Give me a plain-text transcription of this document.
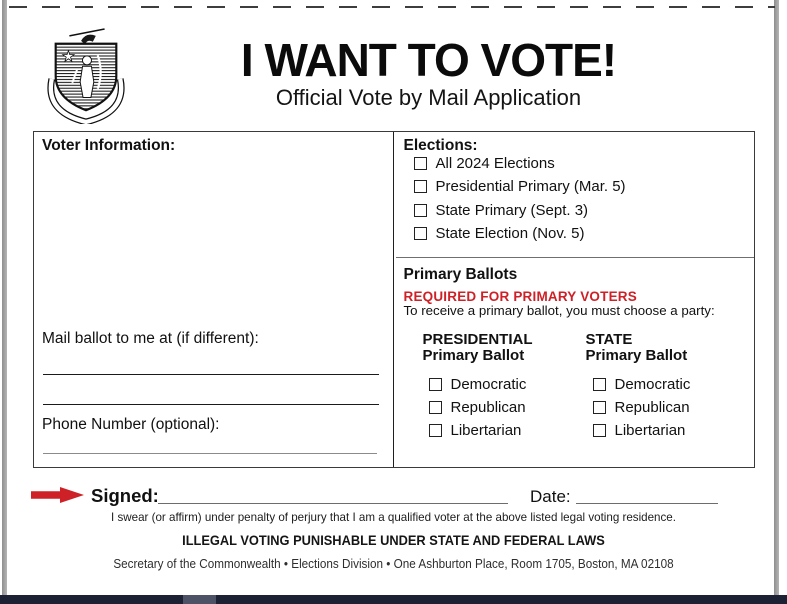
I WANT TO VOTE!
Official Vote by Mail Application
Voter Information:
Mail ballot to me at (if different):
Phone Number (optional):
Elections:
All 2024 Elections
Presidential Primary (Mar. 5)
State Primary (Sept. 3)
State Election (Nov. 5)
Primary Ballots
REQUIRED FOR PRIMARY VOTERS
To receive a primary ballot, you must choose a party:
PRESIDENTIAL
Primary Ballot
Democratic
Republican
Libertarian
STATE
Primary Ballot
Democratic
Republican
Libertarian
Signed:	Date:
I swear (or affirm) under penalty of perjury that I am a qualified voter at the above listed legal voting residence.
ILLEGAL VOTING PUNISHABLE UNDER STATE AND FEDERAL LAWS
Secretary of the Commonwealth • Elections Division • One Ashburton Place, Room 1705, Boston, MA 02108
